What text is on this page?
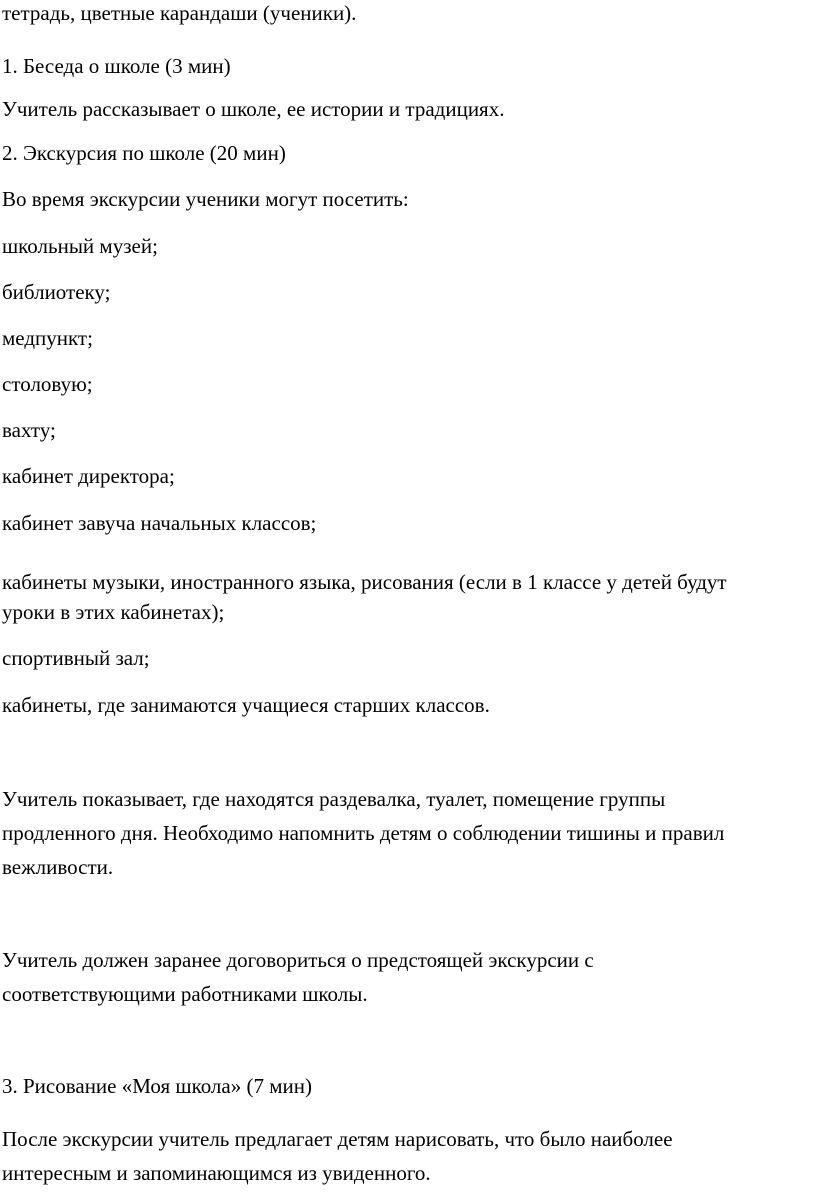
тетрадь, цветные карандаши (ученики).

1. Беседа о школе (3 мин)

Учитель рассказывает о школе, ее истории и традициях.

2. Экскурсия по школе (20 мин)

Во время экскурсии ученики могут посетить:

школьный музей;

библиотеку;

медпункт;

столовую;

вахту;

кабинет директора;

кабинет завуча начальных классов;

кабинеты музыки, иностранного языка, рисования (если в 1 классе у детей будут

уроки в этих кабинетах);

спортивный зал;

кабинеты, где занимаются учащиеся старших классов.

Учитель показывает, где находятся раздевалка, туалет, помещение группы

продленного дня. Необходимо напомнить детям о соблюдении тишины и правил

вежливости.

Учитель должен заранее договориться о предстоящей экскурсии с

соответствующими работниками школы.

3. Рисование «Моя школа» (7 мин)

После экскурсии учитель предлагает детям нарисовать, что было наиболее

интересным и запоминающимся из увиденного.
